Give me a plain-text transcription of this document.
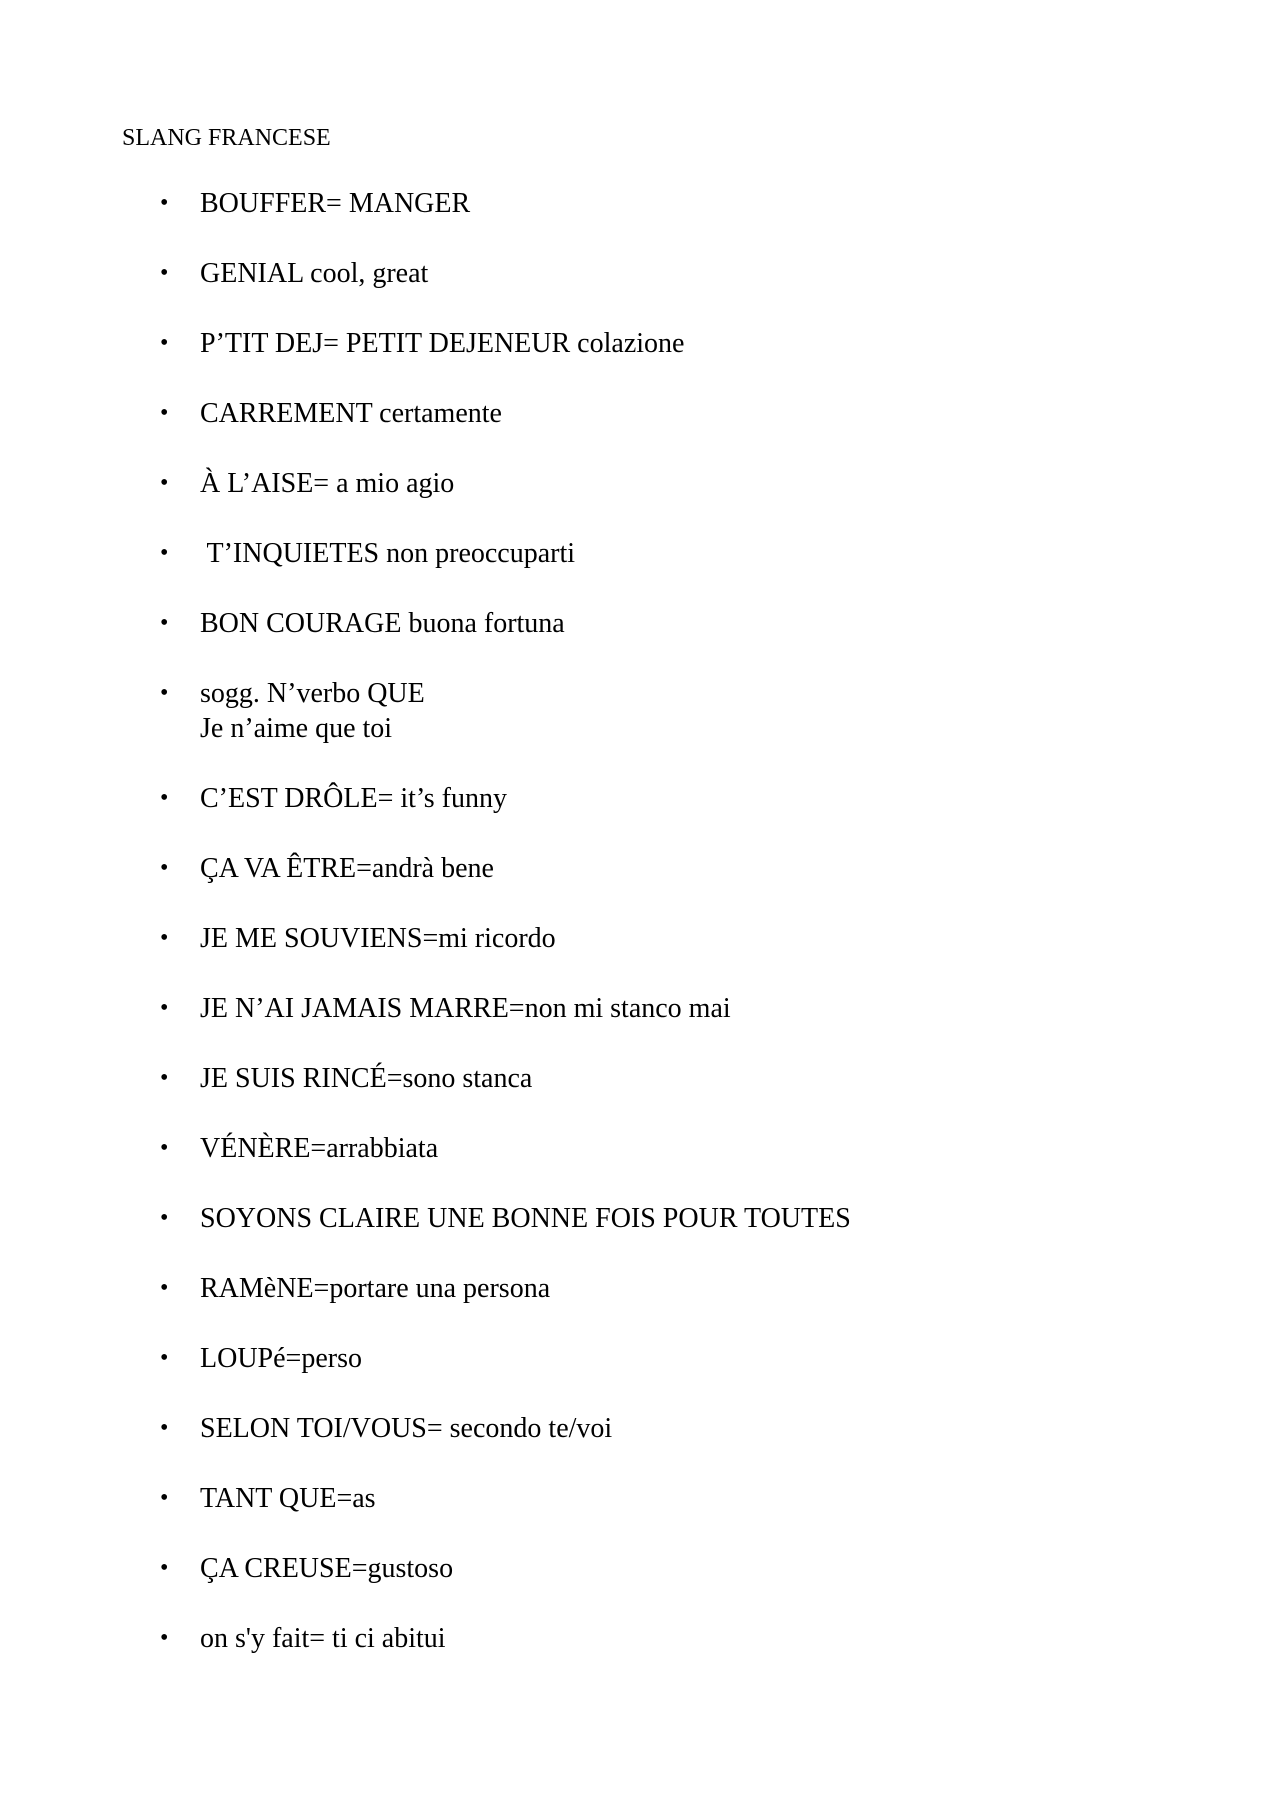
SLANG FRANCESE
• BOUFFER= MANGER
• GENIAL cool, great
• P’TIT DEJ= PETIT DEJENEUR colazione
• CARREMENT certamente
• À L’AISE= a mio agio
• T’INQUIETES non preoccuparti
• BON COURAGE buona fortuna
• sogg. N’verbo QUE
Je n’aime que toi
• C’EST DRÔLE= it’s funny
• ÇA VA ÊTRE=andrà bene
• JE ME SOUVIENS=mi ricordo
• JE N’AI JAMAIS MARRE=non mi stanco mai
• JE SUIS RINCÉ=sono stanca
• VÉNÈRE=arrabbiata
• SOYONS CLAIRE UNE BONNE FOIS POUR TOUTES
• RAMèNE=portare una persona
• LOUPé=perso
• SELON TOI/VOUS= secondo te/voi
• TANT QUE=as
• ÇA CREUSE=gustoso
• on s'y fait= ti ci abitui
